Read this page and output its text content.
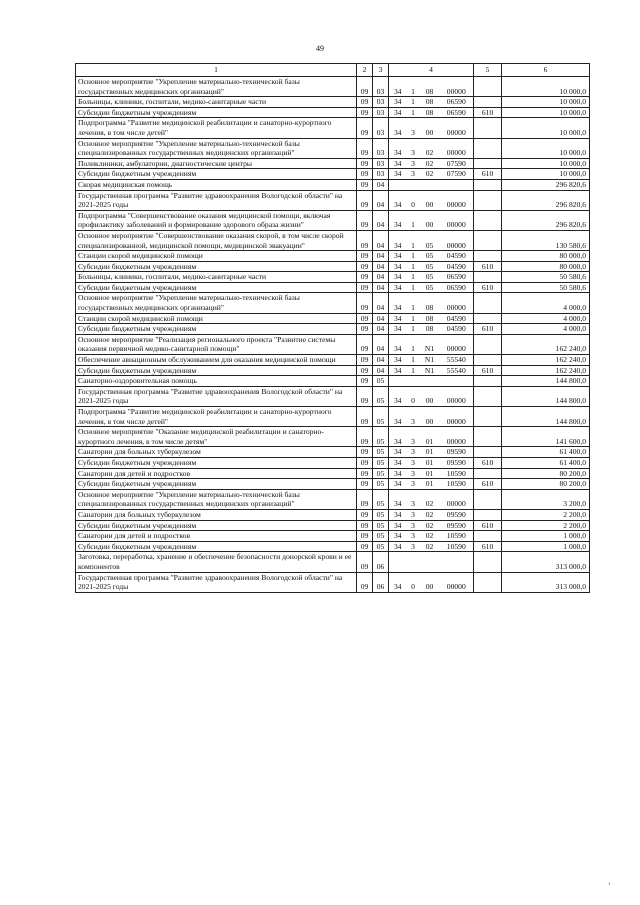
49
1	2	3	4				5	6
Основное мероприятие "Укрепление материально-технической базы государственных медицинских организаций"	09	03	34	1	08	00000		10 000,0
Больницы, клиники, госпитали, медико-санитарные части	09	03	34	1	08	06590		10 000,0
Субсидии бюджетным учреждениям	09	03	34	1	08	06590	610	10 000,0
Подпрограмма "Развитие медицинской реабилитации и санаторно-курортного лечения, в том числе детей"	09	03	34	3	00	00000		10 000,0
Основное мероприятие "Укрепление материально-технической базы специализированных государственных медицинских организаций"	09	03	34	3	02	00000		10 000,0
Поликлиники, амбулатории, диагностические центры	09	03	34	3	02	07590		10 000,0
Субсидии бюджетным учреждениям	09	03	34	3	02	07590	610	10 000,0
Скорая медицинская помощь	09	04						296 820,6
Государственная программа "Развитие здравоохранения Вологодской области" на 2021-2025 годы	09	04	34	0	00	00000		296 820,6
Подпрограмма "Совершенствование оказания медицинской помощи, включая профилактику заболеваний и формирование здорового образа жизни"	09	04	34	1	00	00000		296 820,6
Основное мероприятие "Совершенствование оказания скорой, в том числе скорой специализированной, медицинской помощи, медицинской эвакуации"	09	04	34	1	05	00000		130 580,6
Станции скорой медицинской помощи	09	04	34	1	05	04590		80 000,0
Субсидии бюджетным учреждениям	09	04	34	1	05	04590	610	80 000,0
Больницы, клиники, госпитали, медико-санитарные части	09	04	34	1	05	06590		50 580,6
Субсидии бюджетным учреждениям	09	04	34	1	05	06590	610	50 580,6
Основное мероприятие "Укрепление материально-технической базы государственных медицинских организаций"	09	04	34	1	08	00000		4 000,0
Станции скорой медицинской помощи	09	04	34	1	08	04590		4 000,0
Субсидии бюджетным учреждениям	09	04	34	1	08	04590	610	4 000,0
Основное мероприятие "Реализация регионального проекта "Развитие системы оказания первичной медико-санитарной помощи"	09	04	34	1	N1	00000		162 240,0
Обеспечение авиационным обслуживанием для оказания медицинской помощи	09	04	34	1	N1	55540		162 240,0
Субсидии бюджетным учреждениям	09	04	34	1	N1	55540	610	162 240,0
Санаторно-оздоровительная помощь	09	05						144 800,0
Государственная программа "Развитие здравоохранения Вологодской области" на 2021-2025 годы	09	05	34	0	00	00000		144 800,0
Подпрограмма "Развитие медицинской реабилитации и санаторно-курортного лечения, в том числе детей"	09	05	34	3	00	00000		144 800,0
Основное мероприятие "Оказание медицинской реабилитации и санаторно-курортного лечения, в том числе детям"	09	05	34	3	01	00000		141 600,0
Санатории для больных туберкулезом	09	05	34	3	01	09590		61 400,0
Субсидии бюджетным учреждениям	09	05	34	3	01	09590	610	61 400,0
Санатории для детей и подростков	09	05	34	3	01	10590		80 200,0
Субсидии бюджетным учреждениям	09	05	34	3	01	10590	610	80 200,0
Основное мероприятие "Укрепление материально-технической базы специализированных государственных медицинских организаций"	09	05	34	3	02	00000		3 200,0
Санатории для больных туберкулезом	09	05	34	3	02	09590		2 200,0
Субсидии бюджетным учреждениям	09	05	34	3	02	09590	610	2 200,0
Санатории для детей и подростков	09	05	34	3	02	10590		1 000,0
Субсидии бюджетным учреждениям	09	05	34	3	02	10590	610	1 000,0
Заготовка, переработка, хранение и обеспечение безопасности донорской крови и ее компонентов	09	06						313 000,0
Государственная программа "Развитие здравоохранения Вологодской области" на 2021-2025 годы	09	06	34	0	00	00000		313 000,0
ı
